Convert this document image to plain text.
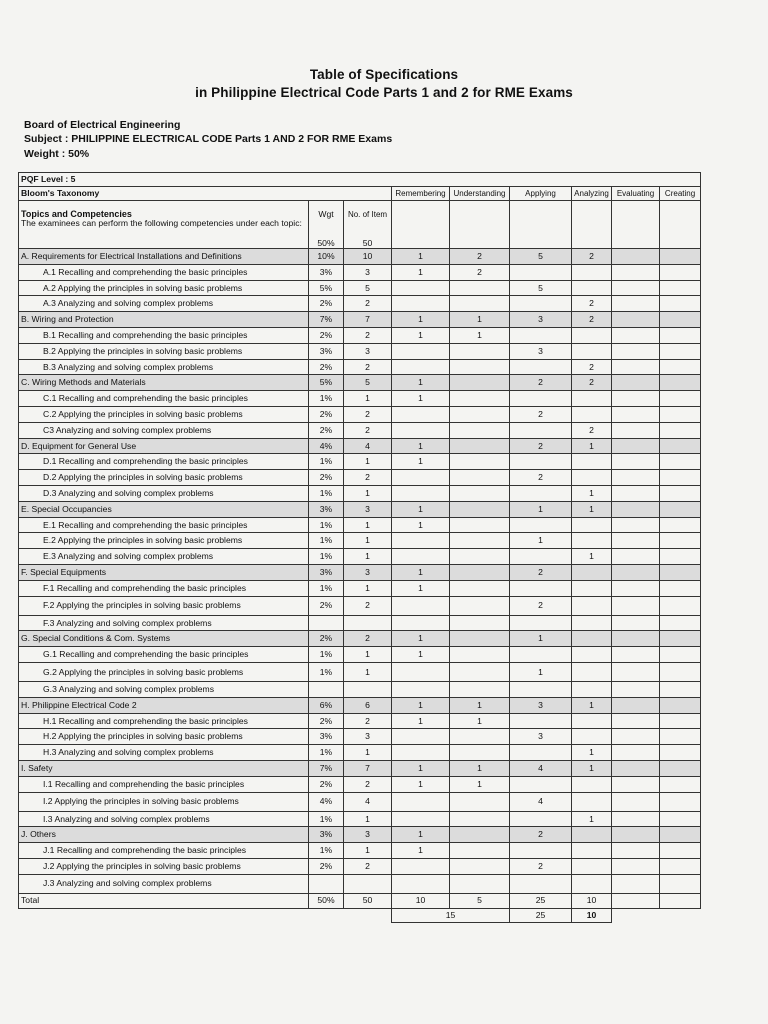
Table of Specifications
in Philippine Electrical Code Parts 1 and 2 for RME Exams
Board of Electrical Engineering
Subject : PHILIPPINE ELECTRICAL CODE Parts 1 AND 2 FOR RME Exams
Weight : 50%
PQF Level : 5								
Bloom's Taxonomy			Remembering	Understanding	Applying	Analyzing	Evaluating	Creating
Topics and Competencies	Wgt	No. of Item						
The examinees can perform the following competencies under each topic:	50%	50						
A. Requirements for Electrical Installations and Definitions	10%	10	1	2	5	2		
A.1 Recalling and comprehending the basic principles	3%	3	1	2				
A.2 Applying the principles in solving basic problems	5%	5			5			
A.3 Analyzing and solving complex problems	2%	2				2		
B. Wiring and Protection	7%	7	1	1	3	2		
B.1 Recalling and comprehending the basic principles	2%	2	1	1				
B.2 Applying the principles in solving basic problems	3%	3			3			
B.3 Analyzing and solving complex problems	2%	2				2		
C. Wiring Methods and Materials	5%	5	1		2	2		
C.1 Recalling and comprehending the basic principles	1%	1	1					
C.2 Applying the principles in solving basic problems	2%	2			2			
C3 Analyzing and solving complex problems	2%	2				2		
D. Equipment for General Use	4%	4	1		2	1		
D.1 Recalling and comprehending the basic principles	1%	1	1					
D.2 Applying the principles in solving basic problems	2%	2			2			
D.3 Analyzing and solving complex problems	1%	1				1		
E. Special Occupancies	3%	3	1		1	1		
E.1 Recalling and comprehending the basic principles	1%	1	1					
E.2 Applying the principles in solving basic problems	1%	1			1			
E.3 Analyzing and solving complex problems	1%	1				1		
F. Special Equipments	3%	3	1		2			
F.1 Recalling and comprehending the basic principles	1%	1	1					
F.2 Applying the principles in solving basic problems	2%	2			2			
F.3 Analyzing and solving complex problems								
G. Special Conditions & Com. Systems	2%	2	1		1			
G.1 Recalling and comprehending the basic principles	1%	1	1					
G.2 Applying the principles in solving basic problems	1%	1			1			
G.3 Analyzing and solving complex problems								
H. Philippine Electrical Code 2	6%	6	1	1	3	1		
H.1 Recalling and comprehending the basic principles	2%	2	1	1				
H.2 Applying the principles in solving basic problems	3%	3			3			
H.3 Analyzing and solving complex problems	1%	1				1		
I. Safety	7%	7	1	1	4	1		
I.1 Recalling and comprehending the basic principles	2%	2	1	1				
I.2 Applying the principles in solving basic problems	4%	4			4			
I.3 Analyzing and solving complex problems	1%	1				1		
J. Others	3%	3	1		2			
J.1 Recalling and comprehending the basic principles	1%	1	1					
J.2 Applying the principles in solving basic problems	2%	2			2			
J.3 Analyzing and solving complex problems								
Total	50%	50	10	5	25	10		
			15		25	10		
